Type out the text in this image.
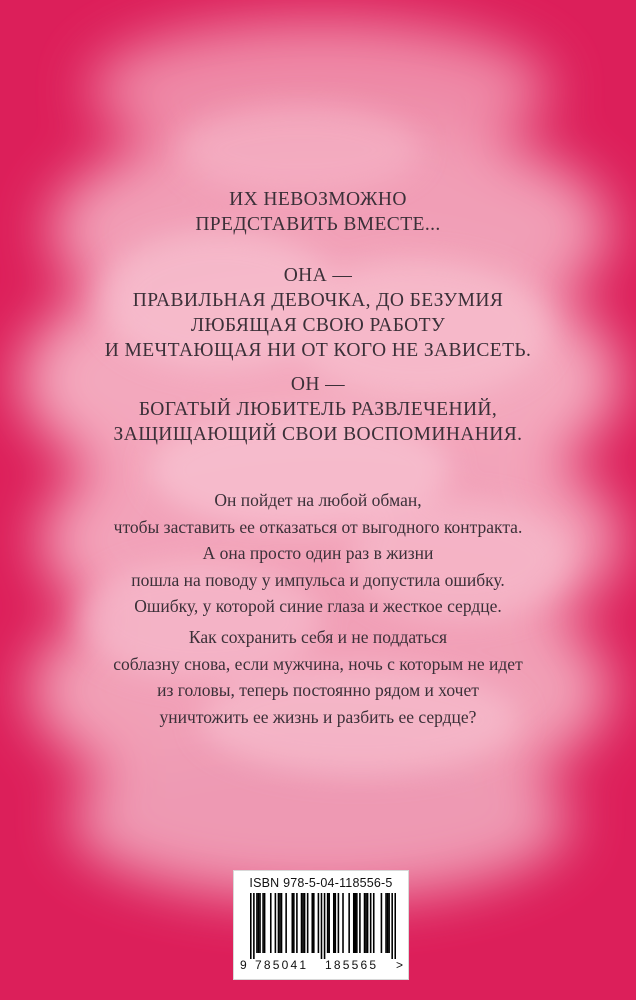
ИХ НЕВОЗМОЖНО
ПРЕДСТАВИТЬ ВМЕСТЕ...
ОНА —
ПРАВИЛЬНАЯ ДЕВОЧКА, ДО БЕЗУМИЯ
ЛЮБЯЩАЯ СВОЮ РАБОТУ
И МЕЧТАЮЩАЯ НИ ОТ КОГО НЕ ЗАВИСЕТЬ.
ОН —
БОГАТЫЙ ЛЮБИТЕЛЬ РАЗВЛЕЧЕНИЙ,
ЗАЩИЩАЮЩИЙ СВОИ ВОСПОМИНАНИЯ.
Он пойдет на любой обман,
чтобы заставить ее отказаться от выгодного контракта.
А она просто один раз в жизни
пошла на поводу у импульса и допустила ошибку.
Ошибку, у которой синие глаза и жесткое сердце.
Как сохранить себя и не поддаться
соблазну снова, если мужчина, ночь с которым не идет
из головы, теперь постоянно рядом и хочет
уничтожить ее жизнь и разбить ее сердце?
ISBN 978-5-04-118556-5
9 785041 185565 >
